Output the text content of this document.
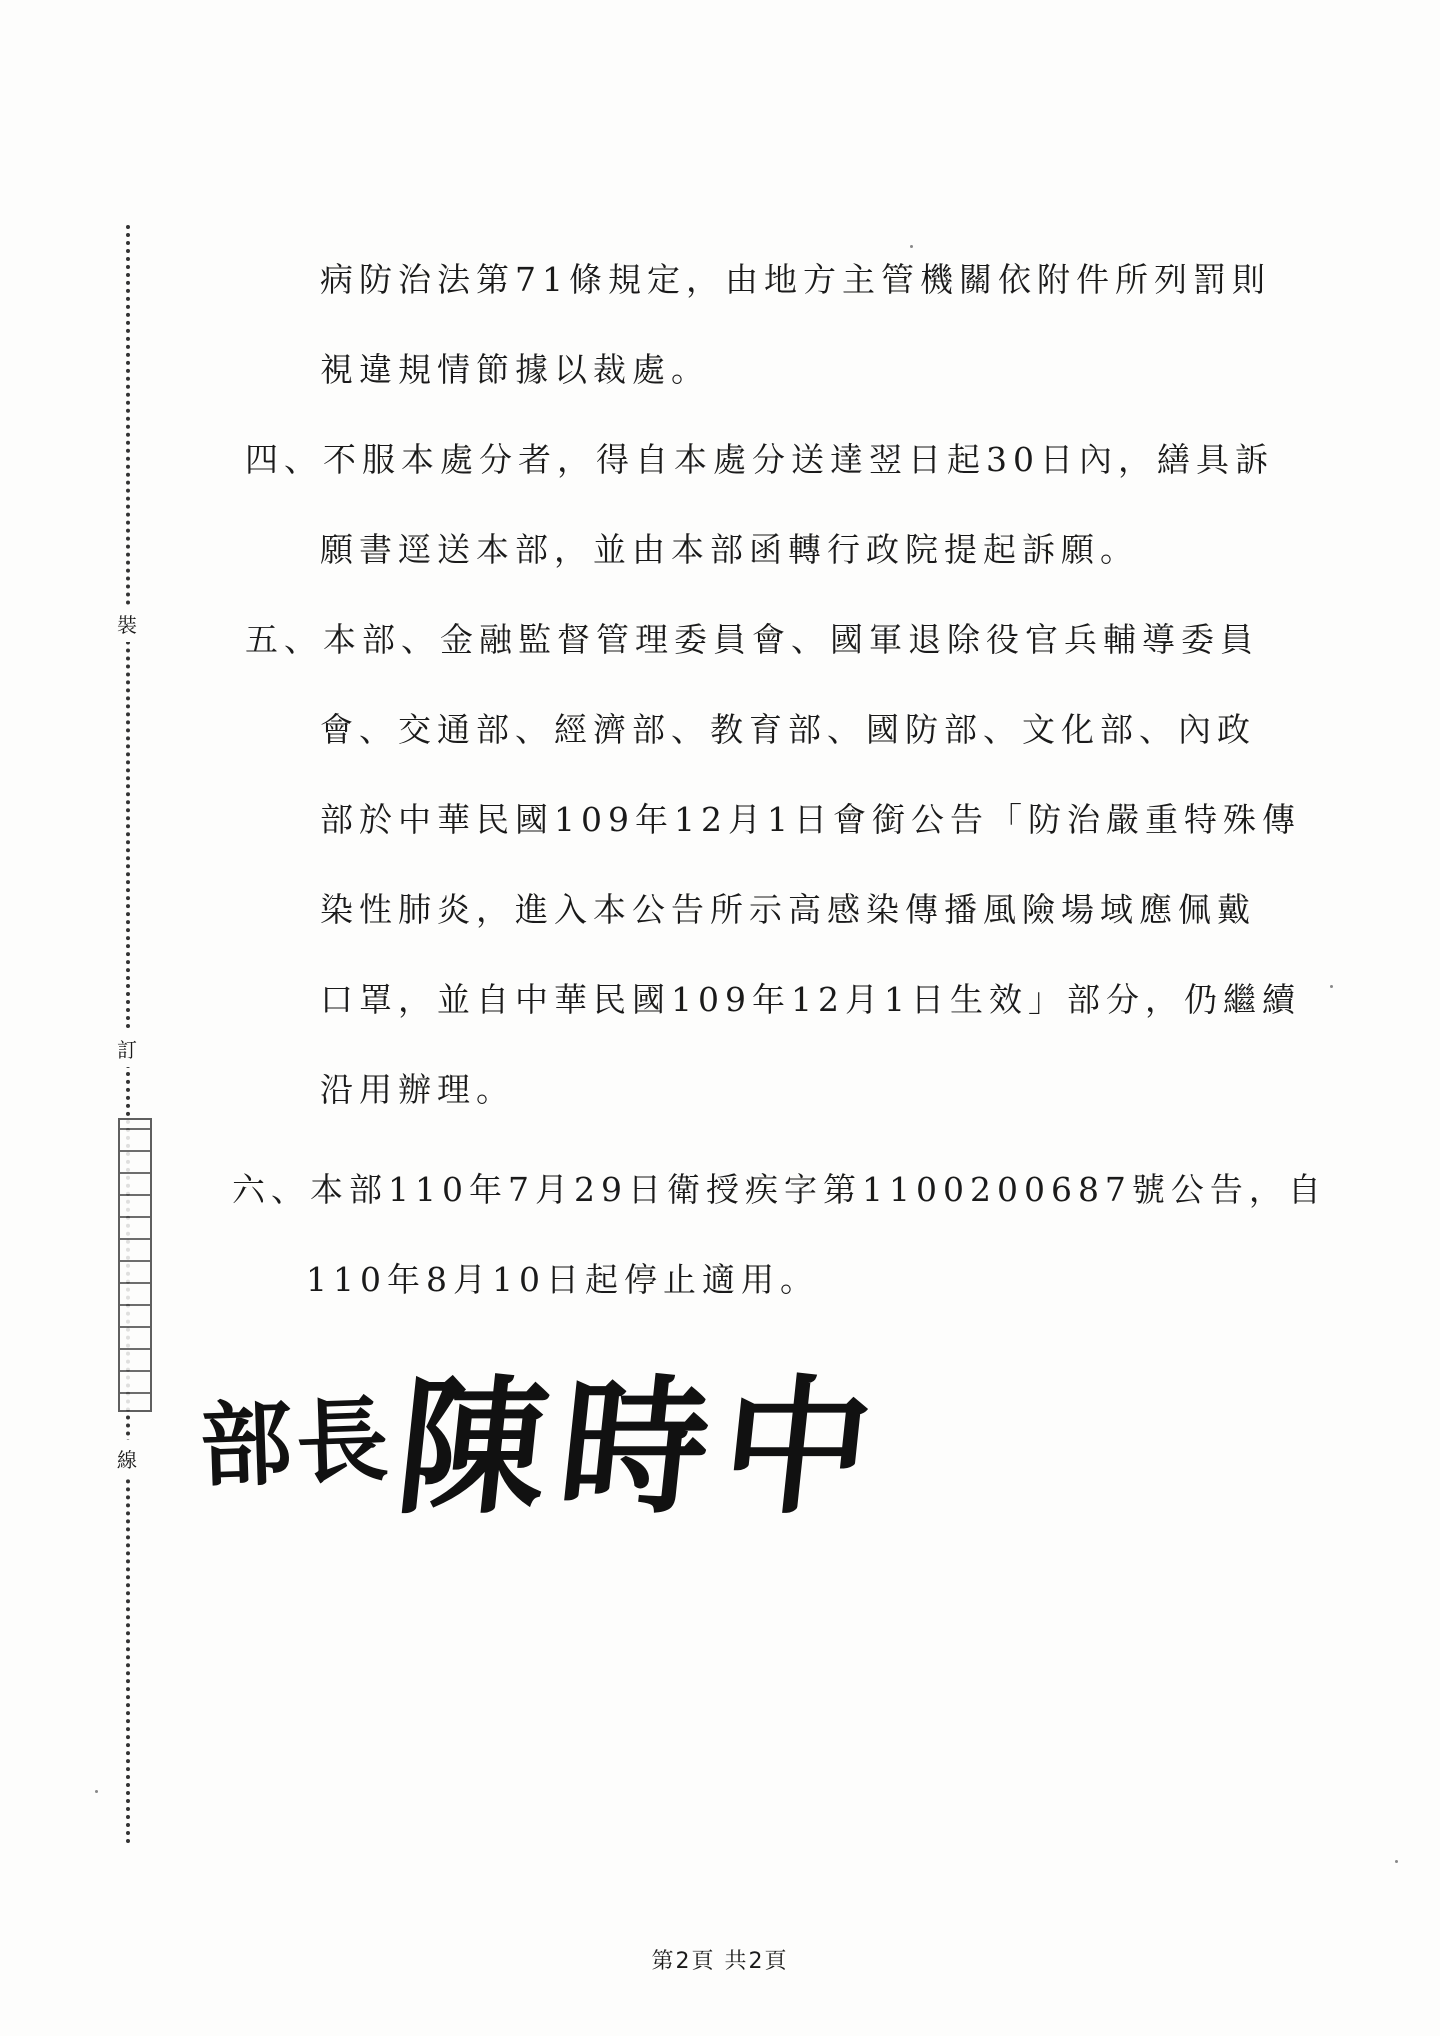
裝
訂
線
病防治法第71條規定，由地方主管機關依附件所列罰則
視違規情節據以裁處。
四、不服本處分者，得自本處分送達翌日起30日內，繕具訴
願書逕送本部，並由本部函轉行政院提起訴願。
五、本部、金融監督管理委員會、國軍退除役官兵輔導委員
會、交通部、經濟部、教育部、國防部、文化部、內政
部於中華民國109年12月1日會銜公告「防治嚴重特殊傳
染性肺炎，進入本公告所示高感染傳播風險場域應佩戴
口罩，並自中華民國109年12月1日生效」部分，仍繼續
沿用辦理。
六、本部110年7月29日衛授疾字第1100200687號公告，自
110年8月10日起停止適用。
部長
陳時中
第2頁 共2頁
